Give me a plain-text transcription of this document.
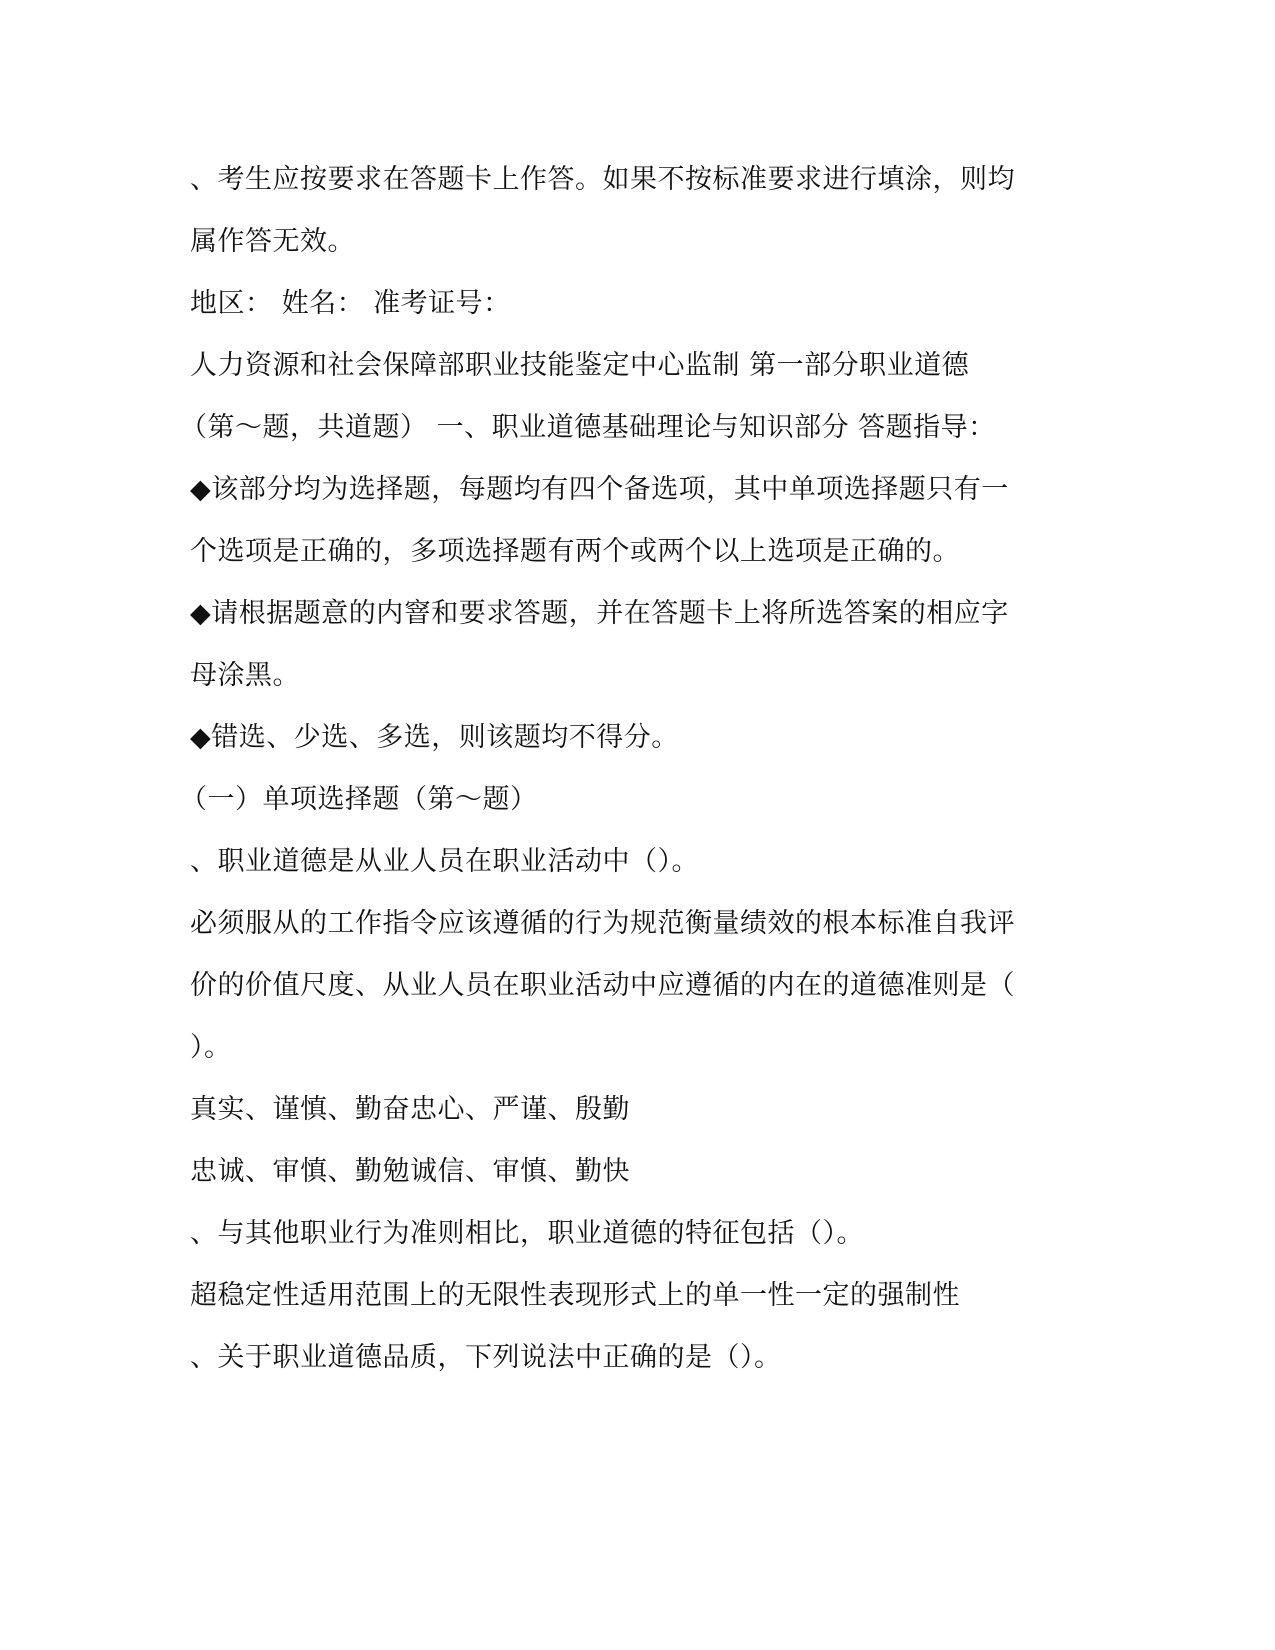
、考生应按要求在答题卡上作答。如果不按标准要求进行填涂，则均
属作答无效。
地区： 姓名： 准考证号：
人力资源和社会保障部职业技能鉴定中心监制 第一部分职业道德
（第～题，共道题） 一、职业道德基础理论与知识部分 答题指导：
◆该部分均为选择题，每题均有四个备选项，其中单项选择题只有一
个选项是正确的，多项选择题有两个或两个以上选项是正确的。
◆请根据题意的内窨和要求答题，并在答题卡上将所选答案的相应字
母涂黑。
◆错选、少选、多选，则该题均不得分。
（一）单项选择题（第～题）
、职业道德是从业人员在职业活动中（）。
必须服从的工作指令应该遵循的行为规范衡量绩效的根本标准自我评
价的价值尺度、从业人员在职业活动中应遵循的内在的道德准则是（
）。
真实、谨慎、勤奋忠心、严谨、殷勤
忠诚、审慎、勤勉诚信、审慎、勤快
、与其他职业行为准则相比，职业道德的特征包括（）。
超稳定性适用范围上的无限性表现形式上的单一性一定的强制性
、关于职业道德品质，下列说法中正确的是（）。
